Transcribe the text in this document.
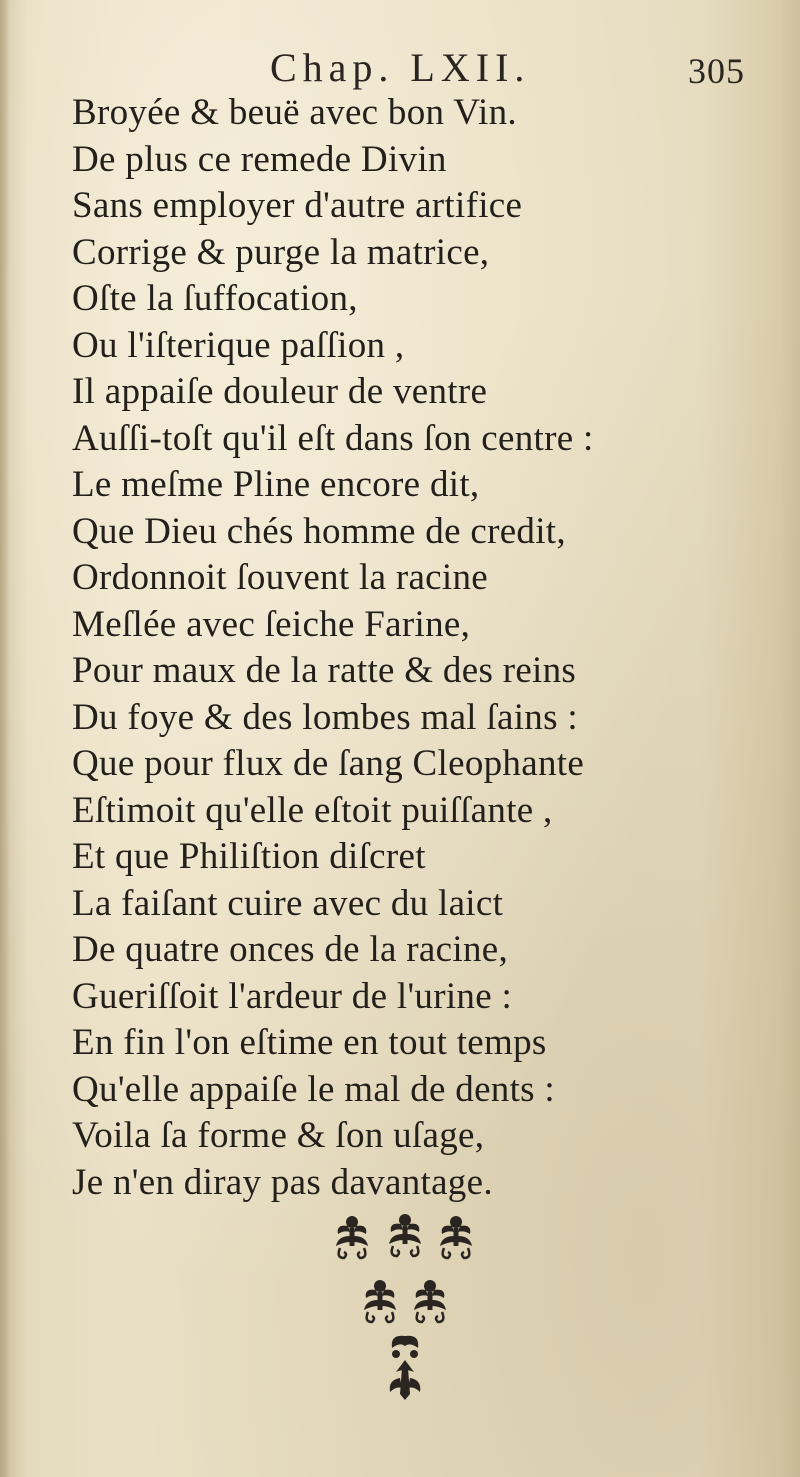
Chap. LXII.	305
Broyée & beuë avec bon Vin.
De plus ce remede Divin
Sans employer d'autre artifice
Corrige & purge la matrice,
Oſte la ſuffocation,
Ou l'iſterique paſſion ,
Il appaiſe douleur de ventre
Auſſi-toſt qu'il eſt dans ſon centre :
Le meſme Pline encore dit,
Que Dieu chés homme de credit,
Ordonnoit ſouvent la racine
Meſlée avec ſeiche Farine,
Pour maux de la ratte & des reins
Du foye & des lombes mal ſains :
Que pour flux de ſang Cleophante
Eſtimoit qu'elle eſtoit puiſſante ,
Et que Philiſtion diſcret
La faiſant cuire avec du laict
De quatre onces de la racine,
Gueriſſoit l'ardeur de l'urine :
En fin l'on eſtime en tout temps
Qu'elle appaiſe le mal de dents :
Voila ſa forme & ſon uſage,
Je n'en diray pas davantage.
